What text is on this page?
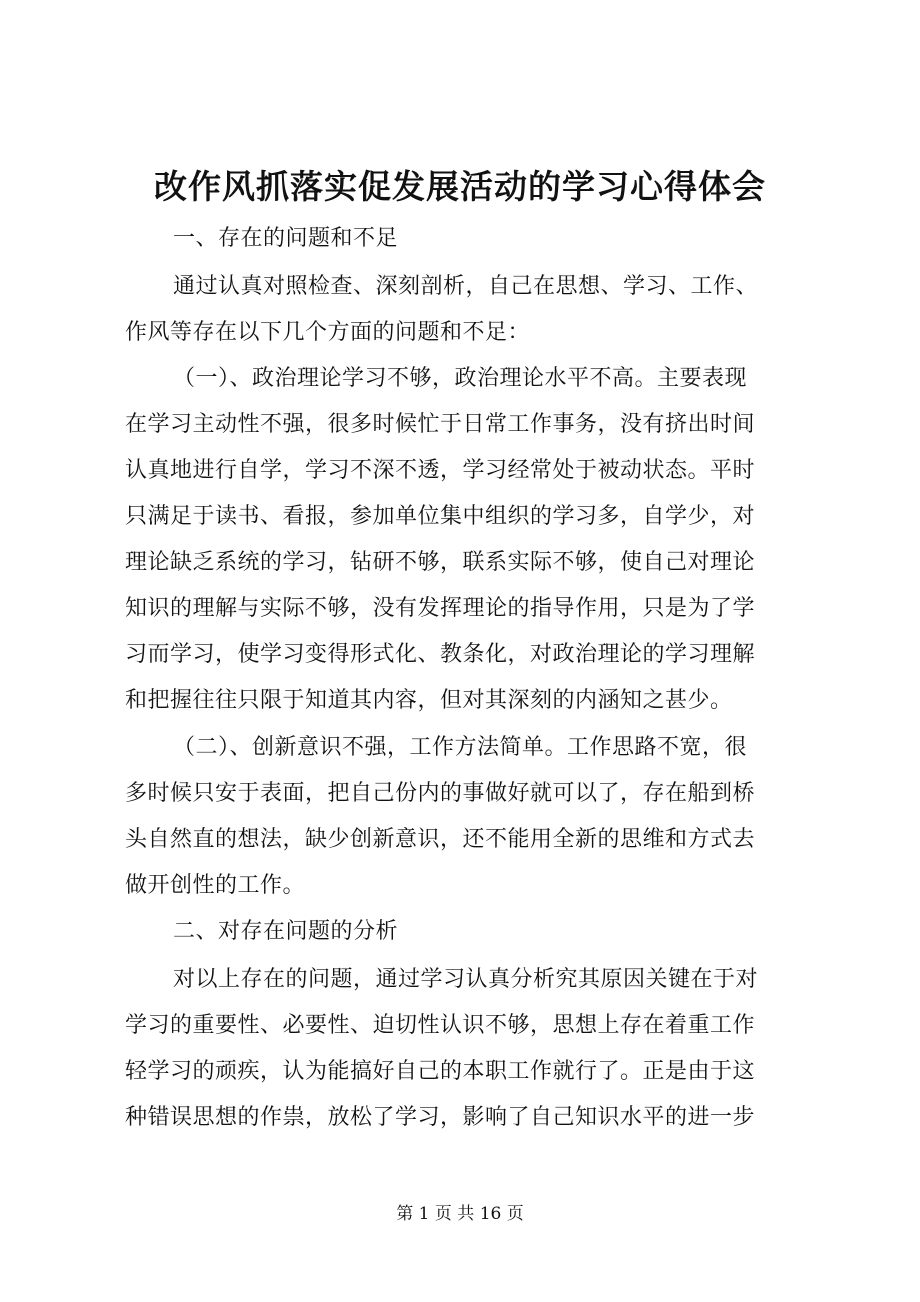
改作风抓落实促发展活动的学习心得体会

一、存在的问题和不足

通过认真对照检查、深刻剖析，自己在思想、学习、工作、

作风等存在以下几个方面的问题和不足：

（一）、政治理论学习不够，政治理论水平不高。主要表现

在学习主动性不强，很多时候忙于日常工作事务，没有挤出时间

认真地进行自学，学习不深不透，学习经常处于被动状态。平时

只满足于读书、看报，参加单位集中组织的学习多，自学少，对

理论缺乏系统的学习，钻研不够，联系实际不够，使自己对理论

知识的理解与实际不够，没有发挥理论的指导作用，只是为了学

习而学习，使学习变得形式化、教条化，对政治理论的学习理解

和把握往往只限于知道其内容，但对其深刻的内涵知之甚少。

（二）、创新意识不强，工作方法简单。工作思路不宽，很

多时候只安于表面，把自己份内的事做好就可以了，存在船到桥

头自然直的想法，缺少创新意识，还不能用全新的思维和方式去

做开创性的工作。

二、对存在问题的分析

对以上存在的问题，通过学习认真分析究其原因关键在于对

学习的重要性、必要性、迫切性认识不够，思想上存在着重工作

轻学习的顽疾，认为能搞好自己的本职工作就行了。正是由于这

种错误思想的作祟，放松了学习，影响了自己知识水平的进一步

第 1 页 共 16 页
